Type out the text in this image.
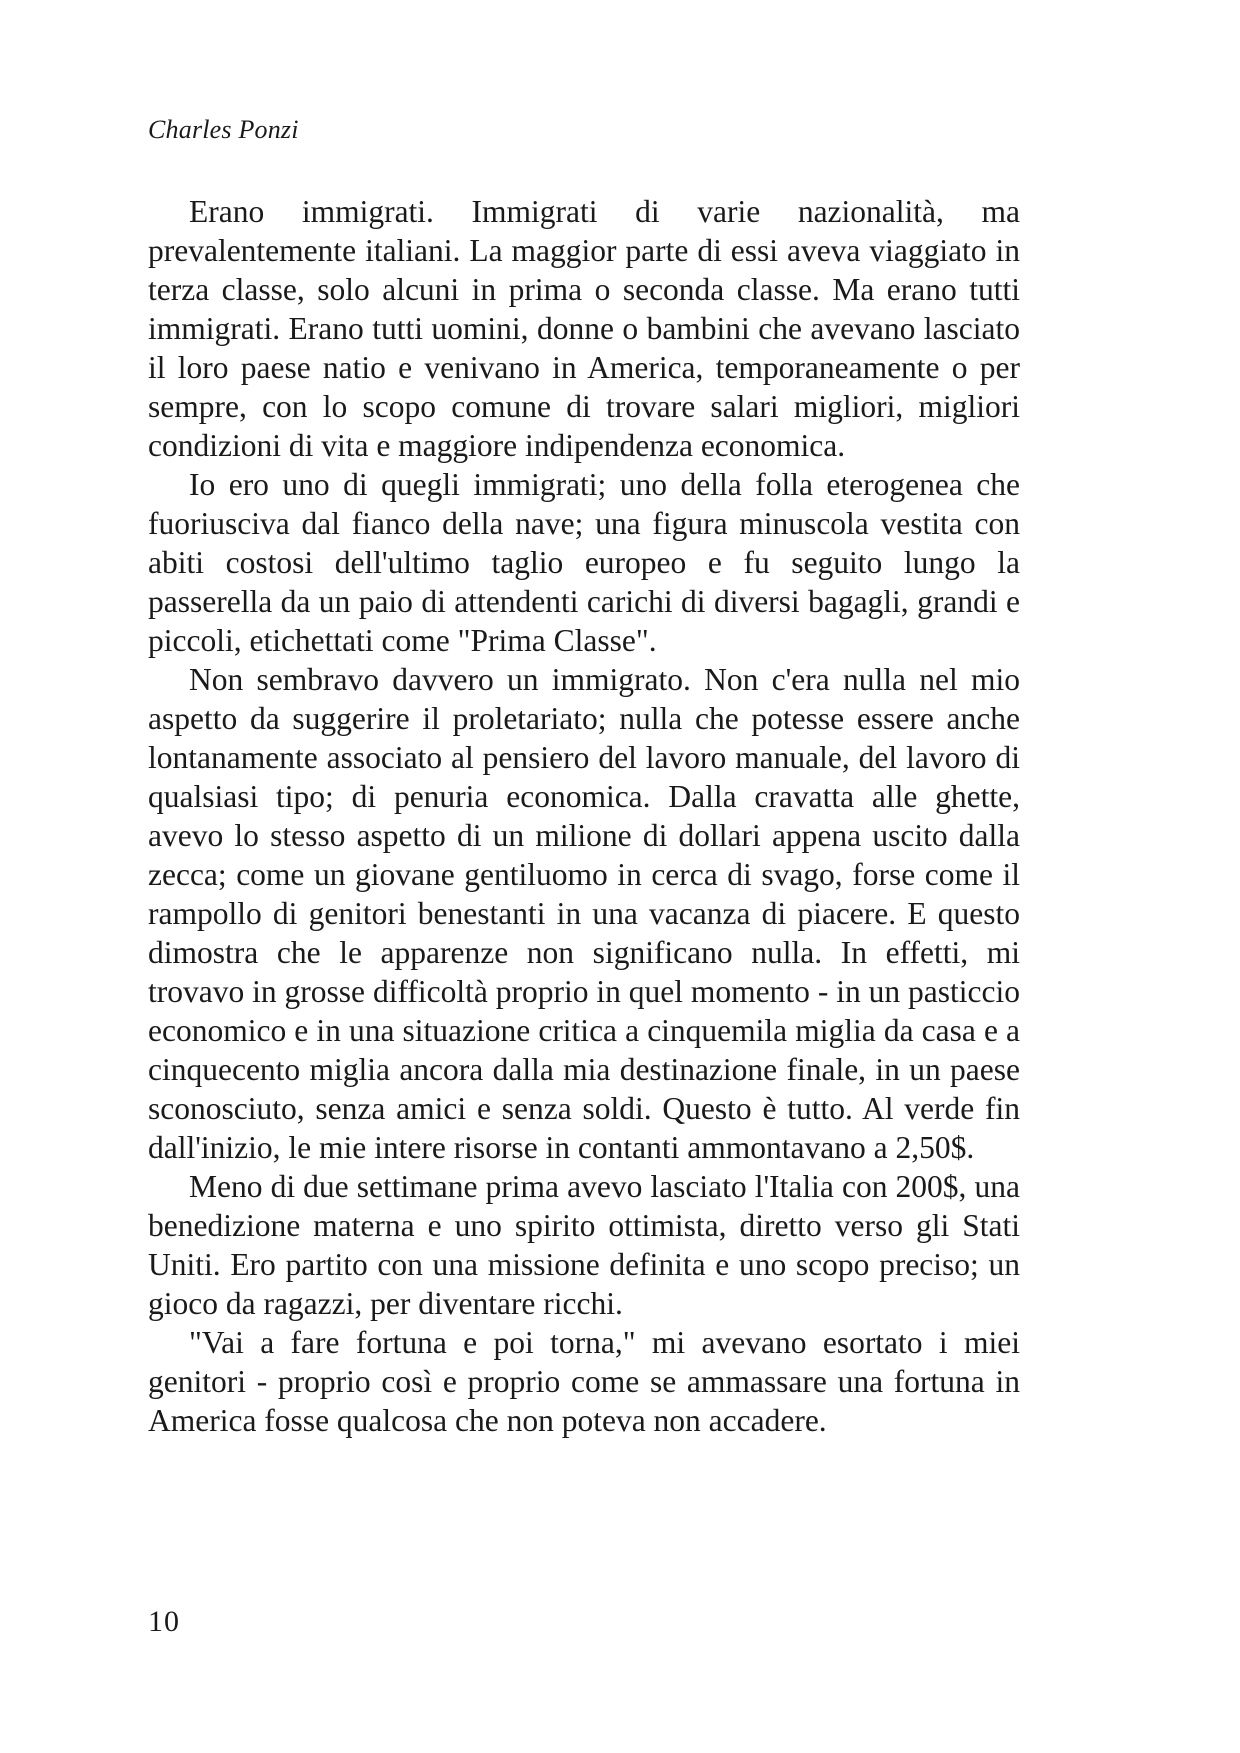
Charles Ponzi

Erano immigrati. Immigrati di varie nazionalità, ma prevalentemente italiani. La maggior parte di essi aveva viaggiato in terza classe, solo alcuni in prima o seconda classe. Ma erano tutti immigrati. Erano tutti uomini, donne o bambini che avevano lasciato il loro paese natio e venivano in America, temporaneamente o per sempre, con lo scopo comune di trovare salari migliori, migliori condizioni di vita e maggiore indipendenza economica.

Io ero uno di quegli immigrati; uno della folla eterogenea che fuoriusciva dal fianco della nave; una figura minuscola vestita con abiti costosi dell'ultimo taglio europeo e fu seguito lungo la passerella da un paio di attendenti carichi di diversi bagagli, grandi e piccoli, etichettati come "Prima Classe".

Non sembravo davvero un immigrato. Non c'era nulla nel mio aspetto da suggerire il proletariato; nulla che potesse essere anche lontanamente associato al pensiero del lavoro manuale, del lavoro di qualsiasi tipo; di penuria economica. Dalla cravatta alle ghette, avevo lo stesso aspetto di un milione di dollari appena uscito dalla zecca; come un giovane gentiluomo in cerca di svago, forse come il rampollo di genitori benestanti in una vacanza di piacere. E questo dimostra che le apparenze non significano nulla. In effetti, mi trovavo in grosse difficoltà proprio in quel momento - in un pasticcio economico e in una situazione critica a cinquemila miglia da casa e a cinquecento miglia ancora dalla mia destinazione finale, in un paese sconosciuto, senza amici e senza soldi. Questo è tutto. Al verde fin dall'inizio, le mie intere risorse in contanti ammontavano a 2,50$.

Meno di due settimane prima avevo lasciato l'Italia con 200$, una benedizione materna e uno spirito ottimista, diretto verso gli Stati Uniti. Ero partito con una missione definita e uno scopo preciso; un gioco da ragazzi, per diventare ricchi.

"Vai a fare fortuna e poi torna," mi avevano esortato i miei genitori - proprio così e proprio come se ammassare una fortuna in America fosse qualcosa che non poteva non accadere.

10
